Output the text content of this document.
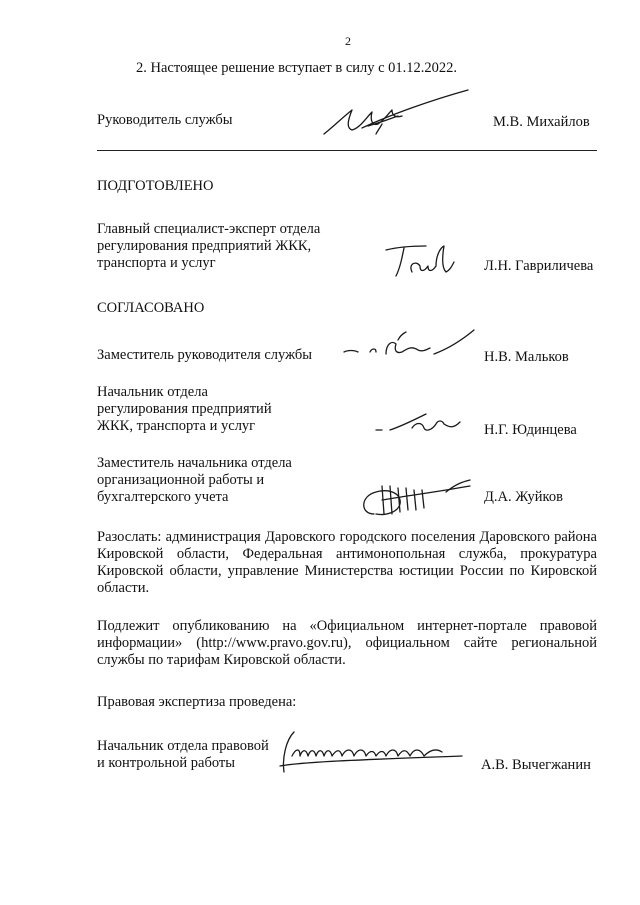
2
2. Настоящее решение вступает в силу с 01.12.2022.
Руководитель службы	М.В. Михайлов
ПОДГОТОВЛЕНО
Главный специалист-эксперт отдела
регулирования предприятий ЖКК,
транспорта и услуг	Л.Н. Гавриличева
СОГЛАСОВАНО
Заместитель руководителя службы	Н.В. Мальков
Начальник отдела
регулирования предприятий
ЖКК, транспорта и услуг	Н.Г. Юдинцева
Заместитель начальника отдела
организационной работы и
бухгалтерского учета	Д.А. Жуйков
Разослать: администрация Даровского городского поселения Даровского района Кировской области, Федеральная антимонопольная служба, прокуратура Кировской области, управление Министерства юстиции России по Кировской области.
Подлежит опубликованию на «Официальном интернет-портале правовой информации» (http://www.pravo.gov.ru), официальном сайте региональной службы по тарифам Кировской области.
Правовая экспертиза проведена:
Начальник отдела правовой
и контрольной работы	А.В. Вычегжанин
